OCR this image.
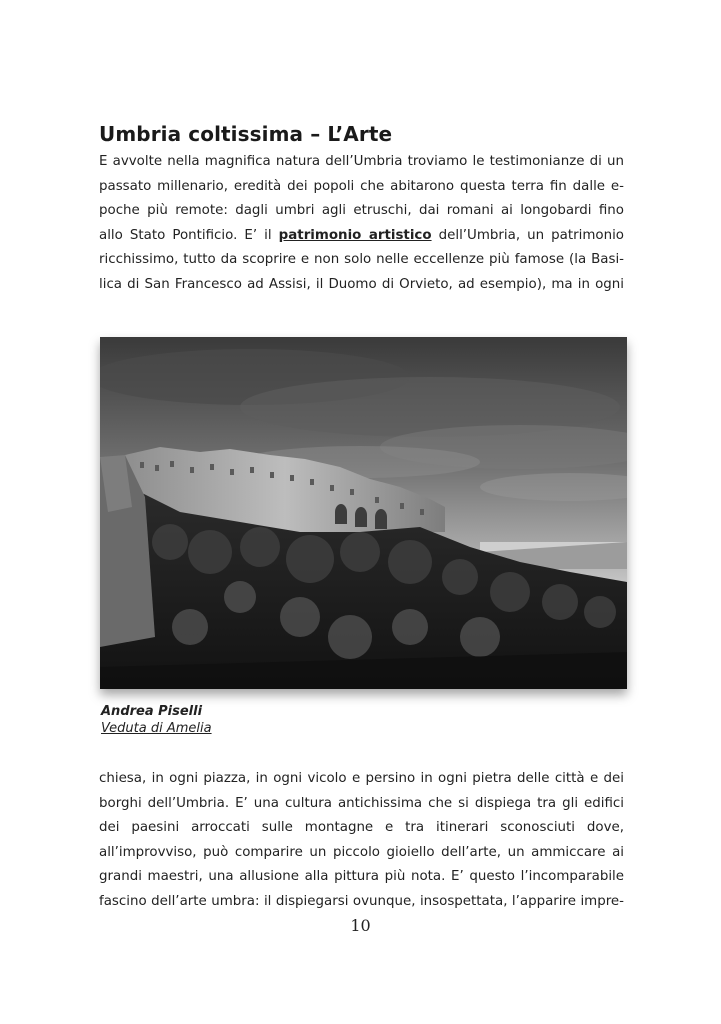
Umbria coltissima – L’Arte
E avvolte nella magnifica natura dell’Umbria troviamo le testimonianze di un
passato millenario, eredità dei popoli che abitarono questa terra fin dalle e-
poche più remote: dagli umbri agli etruschi, dai romani ai longobardi fino
allo Stato Pontificio. E’ il patrimonio artistico dell’Umbria, un patrimonio
ricchissimo, tutto da scoprire e non solo nelle eccellenze più famose (la Basi-
lica di San Francesco ad Assisi, il Duomo di Orvieto, ad esempio), ma in ogni
Andrea Piselli
Veduta di Amelia
chiesa, in ogni piazza, in ogni vicolo e persino in ogni pietra delle città e dei
borghi dell’Umbria. E’ una cultura antichissima che si dispiega tra gli edifici
dei paesini arroccati sulle montagne e tra itinerari sconosciuti dove,
all’improvviso, può comparire un piccolo gioiello dell’arte, un ammiccare ai
grandi maestri, una allusione alla pittura più nota. E’ questo l’incomparabile
fascino dell’arte umbra: il dispiegarsi ovunque, insospettata, l’apparire impre-
10
